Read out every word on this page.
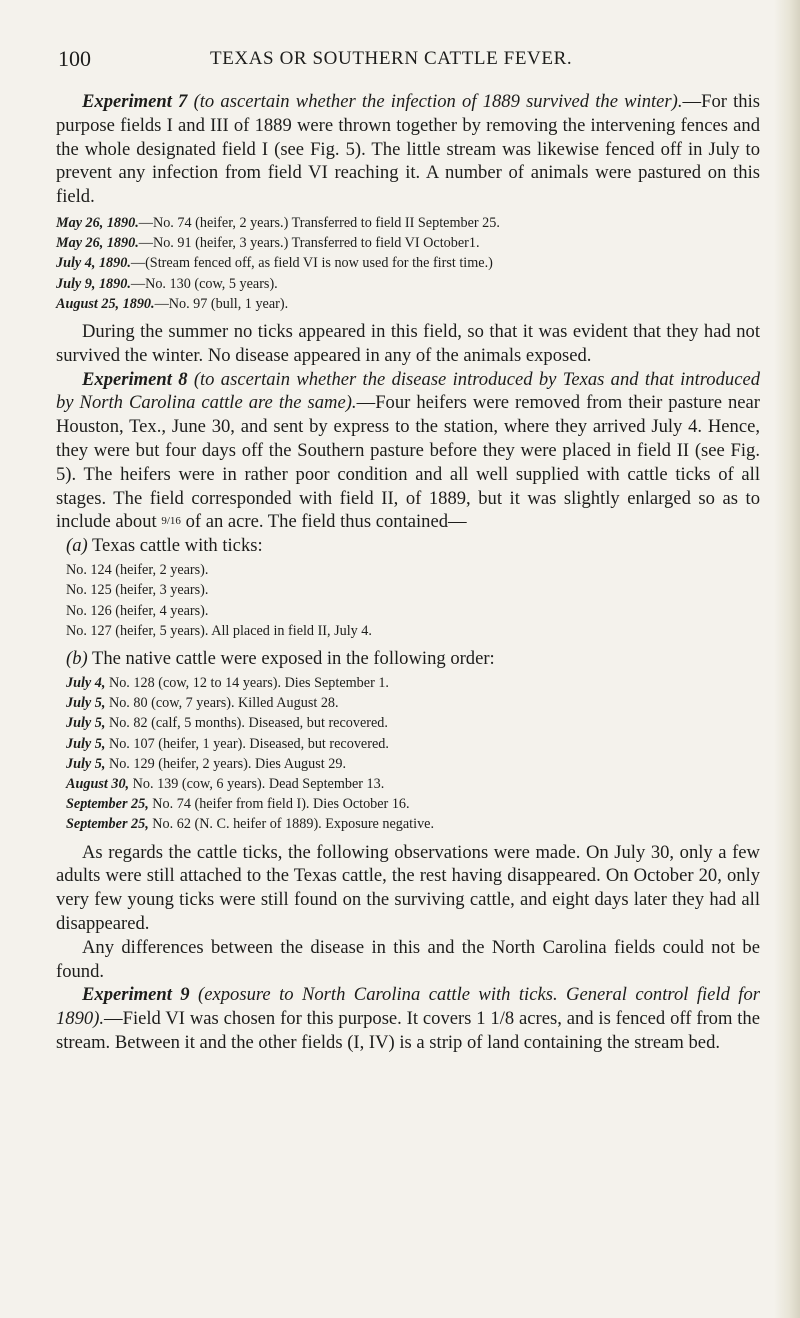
100	TEXAS OR SOUTHERN CATTLE FEVER.

Experiment 7 (to ascertain whether the infection of 1889 survived the winter).—For this purpose fields I and III of 1889 were thrown together by removing the intervening fences and the whole designated field I (see Fig. 5). The little stream was likewise fenced off in July to prevent any infection from field VI reaching it. A number of animals were pastured on this field.

May 26, 1890.—No. 74 (heifer, 2 years.) Transferred to field II September 25.
May 26, 1890.—No. 91 (heifer, 3 years.) Transferred to field VI October1.
July 4, 1890.—(Stream fenced off, as field VI is now used for the first time.)
July 9, 1890.—No. 130 (cow, 5 years).
August 25, 1890.—No. 97 (bull, 1 year).

During the summer no ticks appeared in this field, so that it was evident that they had not survived the winter. No disease appeared in any of the animals exposed.

Experiment 8 (to ascertain whether the disease introduced by Texas and that introduced by North Carolina cattle are the same).—Four heifers were removed from their pasture near Houston, Tex., June 30, and sent by express to the station, where they arrived July 4. Hence, they were but four days off the Southern pasture before they were placed in field II (see Fig. 5). The heifers were in rather poor condition and all well supplied with cattle ticks of all stages. The field corresponded with field II, of 1889, but it was slightly enlarged so as to include about 9/16 of an acre. The field thus contained—

(a) Texas cattle with ticks:
No. 124 (heifer, 2 years).
No. 125 (heifer, 3 years).
No. 126 (heifer, 4 years).
No. 127 (heifer, 5 years). All placed in field II, July 4.
(b) The native cattle were exposed in the following order:
July 4, No. 128 (cow, 12 to 14 years). Dies September 1.
July 5, No. 80 (cow, 7 years). Killed August 28.
July 5, No. 82 (calf, 5 months). Diseased, but recovered.
July 5, No. 107 (heifer, 1 year). Diseased, but recovered.
July 5, No. 129 (heifer, 2 years). Dies August 29.
August 30, No. 139 (cow, 6 years). Dead September 13.
September 25, No. 74 (heifer from field I). Dies October 16.
September 25, No. 62 (N. C. heifer of 1889). Exposure negative.

As regards the cattle ticks, the following observations were made. On July 30, only a few adults were still attached to the Texas cattle, the rest having disappeared. On October 20, only very few young ticks were still found on the surviving cattle, and eight days later they had all disappeared.

Any differences between the disease in this and the North Carolina fields could not be found.

Experiment 9 (exposure to North Carolina cattle with ticks. General control field for 1890).—Field VI was chosen for this purpose. It covers 1 1/8 acres, and is fenced off from the stream. Between it and the other fields (I, IV) is a strip of land containing the stream bed.
